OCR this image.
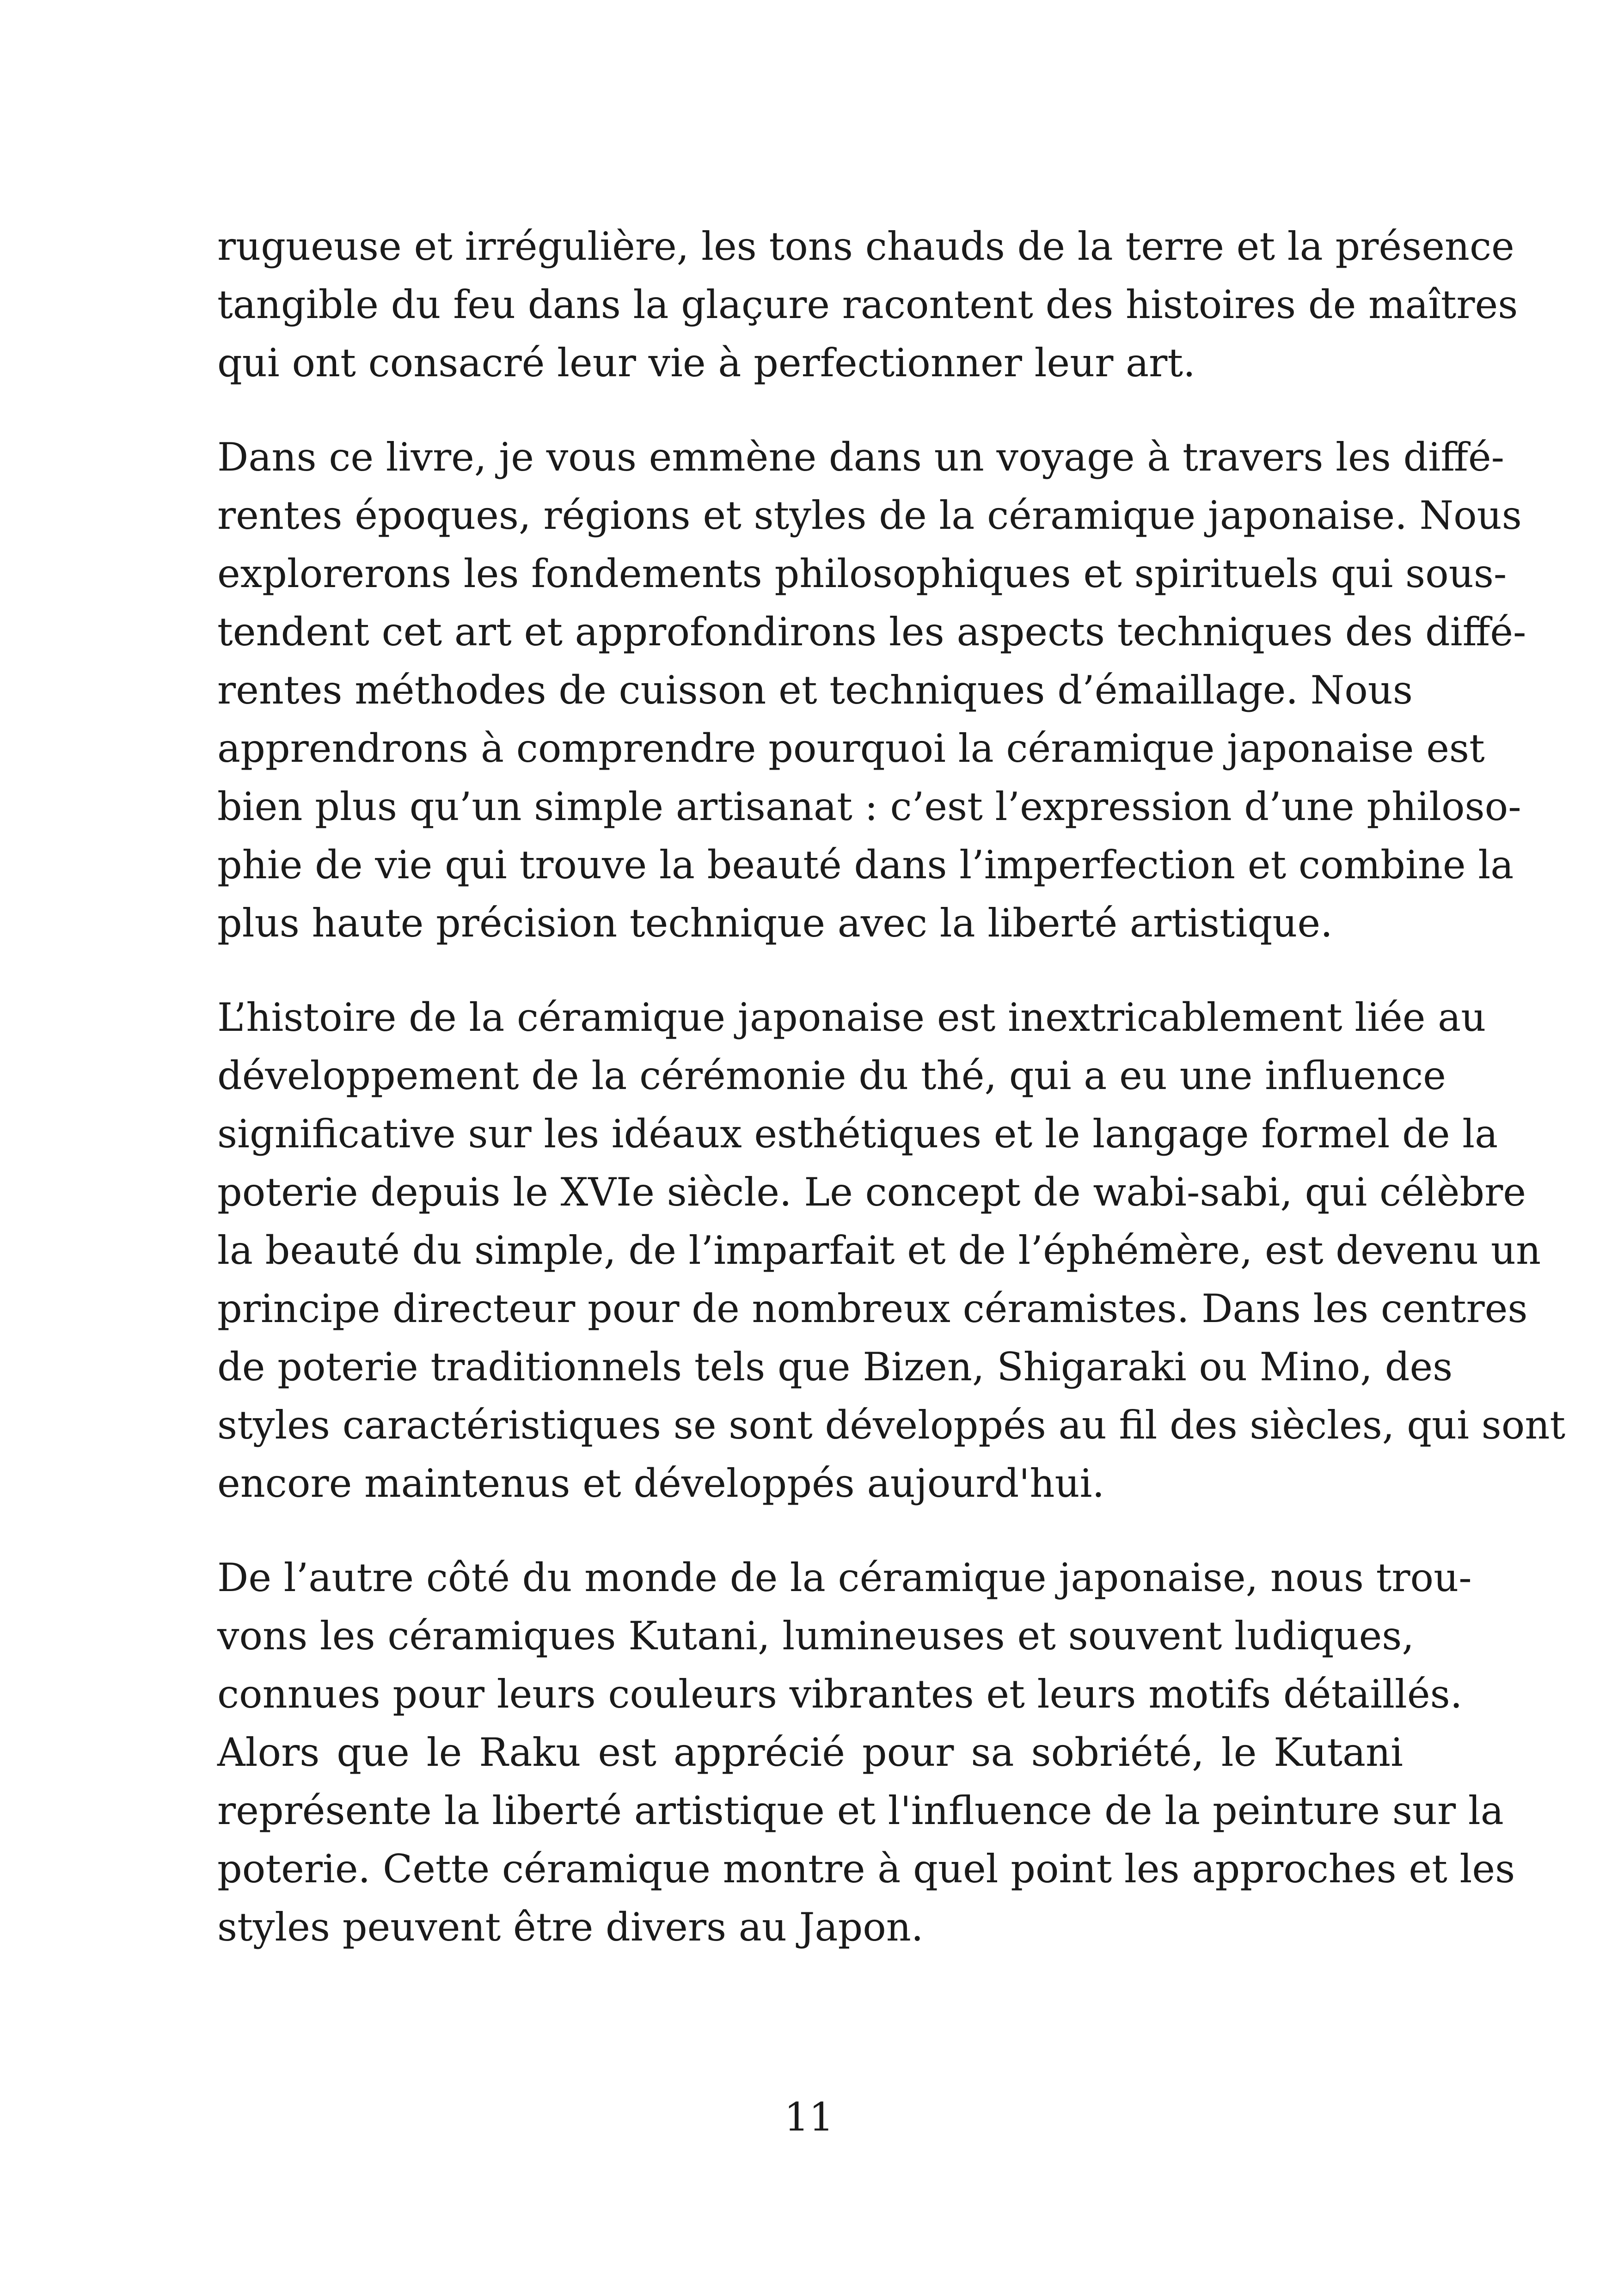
rugueuse et irrégulière, les tons chauds de la terre et la présence
tangible du feu dans la glaçure racontent des histoires de maîtres
qui ont consacré leur vie à perfectionner leur art.
Dans ce livre, je vous emmène dans un voyage à travers les diffé-
rentes époques, régions et styles de la céramique japonaise. Nous
explorerons les fondements philosophiques et spirituels qui sous-
tendent cet art et approfondirons les aspects techniques des diffé-
rentes méthodes de cuisson et techniques d’émaillage. Nous
apprendrons à comprendre pourquoi la céramique japonaise est
bien plus qu’un simple artisanat : c’est l’expression d’une philoso-
phie de vie qui trouve la beauté dans l’imperfection et combine la
plus haute précision technique avec la liberté artistique.
L’histoire de la céramique japonaise est inextricablement liée au
développement de la cérémonie du thé, qui a eu une influence
significative sur les idéaux esthétiques et le langage formel de la
poterie depuis le XVIe siècle. Le concept de wabi-sabi, qui célèbre
la beauté du simple, de l’imparfait et de l’éphémère, est devenu un
principe directeur pour de nombreux céramistes. Dans les centres
de poterie traditionnels tels que Bizen, Shigaraki ou Mino, des
styles caractéristiques se sont développés au fil des siècles, qui sont
encore maintenus et développés aujourd'hui.
De l’autre côté du monde de la céramique japonaise, nous trou-
vons les céramiques Kutani, lumineuses et souvent ludiques,
connues pour leurs couleurs vibrantes et leurs motifs détaillés.
Alors que le Raku est apprécié pour sa sobriété, le Kutani
représente la liberté artistique et l'influence de la peinture sur la
poterie. Cette céramique montre à quel point les approches et les
styles peuvent être divers au Japon.
11
